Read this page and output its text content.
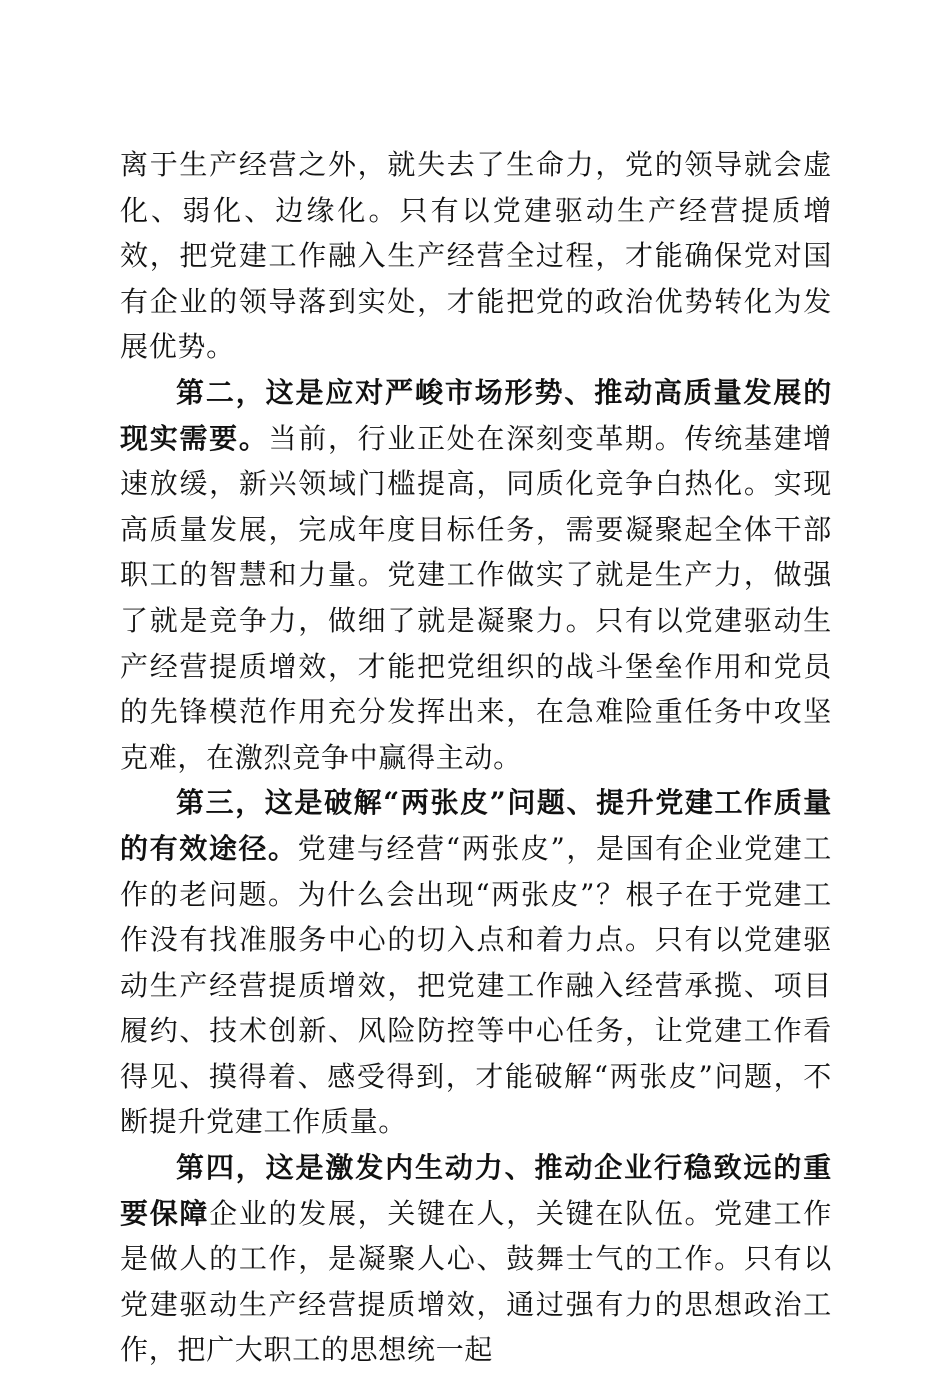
离于生产经营之外，就失去了生命力，党的领导就会虚化、弱化、边缘化。只有以党建驱动生产经营提质增效，把党建工作融入生产经营全过程，才能确保党对国有企业的领导落到实处，才能把党的政治优势转化为发展优势。

第二，这是应对严峻市场形势、推动高质量发展的现实需要。当前，行业正处在深刻变革期。传统基建增速放缓，新兴领域门槛提高，同质化竞争白热化。实现高质量发展，完成年度目标任务，需要凝聚起全体干部职工的智慧和力量。党建工作做实了就是生产力，做强了就是竞争力，做细了就是凝聚力。只有以党建驱动生产经营提质增效，才能把党组织的战斗堡垒作用和党员的先锋模范作用充分发挥出来，在急难险重任务中攻坚克难，在激烈竞争中赢得主动。

第三，这是破解“两张皮”问题、提升党建工作质量的有效途径。党建与经营“两张皮”，是国有企业党建工作的老问题。为什么会出现“两张皮”？根子在于党建工作没有找准服务中心的切入点和着力点。只有以党建驱动生产经营提质增效，把党建工作融入经营承揽、项目履约、技术创新、风险防控等中心任务，让党建工作看得见、摸得着、感受得到，才能破解“两张皮”问题，不断提升党建工作质量。

第四，这是激发内生动力、推动企业行稳致远的重要保障企业的发展，关键在人，关键在队伍。党建工作是做人的工作，是凝聚人心、鼓舞士气的工作。只有以党建驱动生产经营提质增效，通过强有力的思想政治工作，把广大职工的思想统一起
